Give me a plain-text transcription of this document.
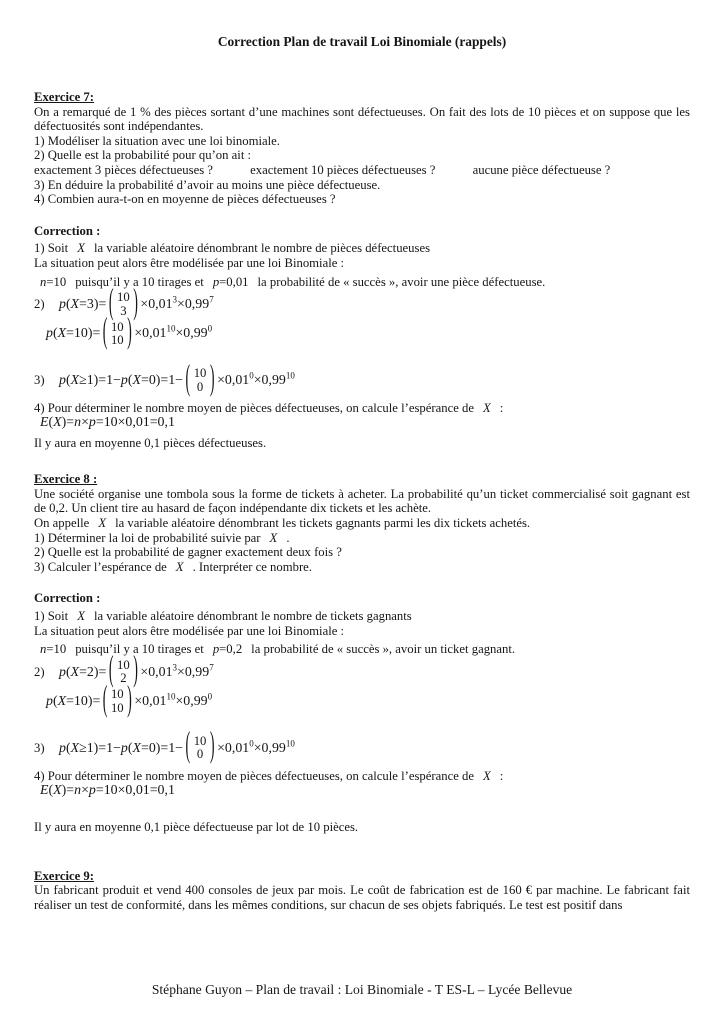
Correction Plan de travail Loi Binomiale (rappels)
Exercice 7:

On a remarqué de 1 % des pièces sortant d’une machines sont défectueuses. On fait des lots de 10 pièces et on suppose que les défectuosités sont indépendantes.

1) Modéliser la situation avec une loi binomiale.
2) Quelle est la probabilité pour qu’on ait :
exactement 3 pièces défectueuses ?	exactement 10 pièces défectueuses ?	aucune pièce défectueuse ?
3) En déduire la probabilité d’avoir au moins une pièce défectueuse.
4) Combien aura-t-on en moyenne de pièces défectueuses ?
Correction :
1) Soit X la variable aléatoire dénombrant le nombre de pièces défectueuses
La situation peut alors être modélisée par une loi Binomiale :
n=10 puisqu’il y a 10 tirages et p=0,01 la probabilité de « succès », avoir une pièce défectueuse.
2) p(X=3)= ( 10
3 ) $\times 0,01^3\times 0,99^7$
p(X=10)= ( 10
10 ) $\times 0,01^{10}\times 0,99^0$
3) p(X≥1)=1−p(X=0)=1− ( 10
0 ) $\times 0,01^0\times 0,99^{10}$
4) Pour déterminer le nombre moyen de pièces défectueuses, on calcule l’espérance de X :
E(X)=n×p=10×0,01=0,1
Il y aura en moyenne 0,1 pièces défectueuses.
Exercice 8 :

Une société organise une tombola sous la forme de tickets à acheter. La probabilité qu’un ticket commercialisé soit gagnant est de 0,2. Un client tire au hasard de façon indépendante dix tickets et les achète.

On appelle X la variable aléatoire dénombrant les tickets gagnants parmi les dix tickets achetés.
1) Déterminer la loi de probabilité suivie par X .
2) Quelle est la probabilité de gagner exactement deux fois ?
3) Calculer l’espérance de X . Interpréter ce nombre.
Correction :
1) Soit X la variable aléatoire dénombrant le nombre de tickets gagnants
La situation peut alors être modélisée par une loi Binomiale :
n=10 puisqu’il y a 10 tirages et p=0,2 la probabilité de « succès », avoir un ticket gagnant.
2) p(X=2)= ( 10
2 ) $\times 0,01^3\times 0,99^7$
p(X=10)= ( 10
10 ) $\times 0,01^{10}\times 0,99^0$
3) p(X≥1)=1−p(X=0)=1− ( 10
0 ) $\times 0,01^0\times 0,99^{10}$
4) Pour déterminer le nombre moyen de pièces défectueuses, on calcule l’espérance de X :
E(X)=n×p=10×0,01=0,1
Il y aura en moyenne 0,1 pièce défectueuse par lot de 10 pièces.
Exercice 9:

Un fabricant produit et vend 400 consoles de jeux par mois. Le coût de fabrication est de 160 € par machine. Le fabricant fait réaliser un test de conformité, dans les mêmes conditions, sur chacun de ses objets fabriqués. Le test est positif dans

Stéphane Guyon – Plan de travail : Loi Binomiale - T ES-L – Lycée Bellevue
